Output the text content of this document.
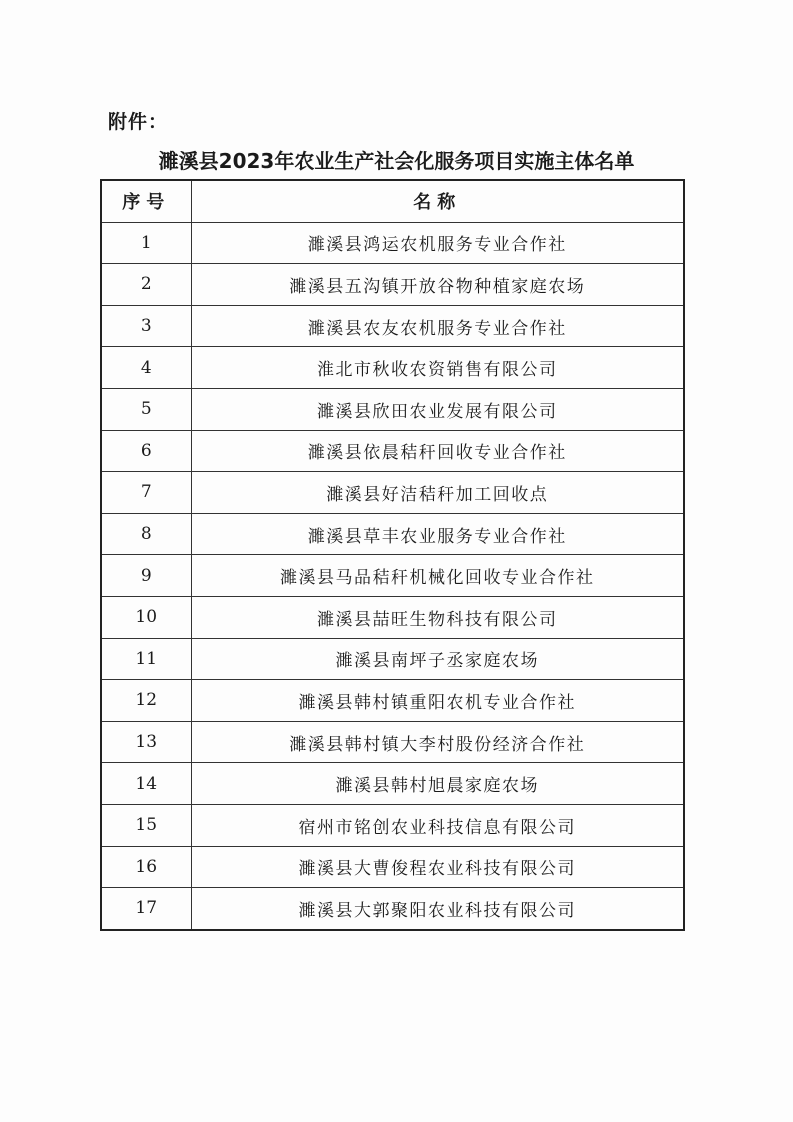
附件：
濉溪县2023年农业生产社会化服务项目实施主体名单
序号	名称
1	濉溪县鸿运农机服务专业合作社
2	濉溪县五沟镇开放谷物种植家庭农场
3	濉溪县农友农机服务专业合作社
4	淮北市秋收农资销售有限公司
5	濉溪县欣田农业发展有限公司
6	濉溪县依晨秸秆回收专业合作社
7	濉溪县好洁秸秆加工回收点
8	濉溪县草丰农业服务专业合作社
9	濉溪县马品秸秆机械化回收专业合作社
10	濉溪县喆旺生物科技有限公司
11	濉溪县南坪子丞家庭农场
12	濉溪县韩村镇重阳农机专业合作社
13	濉溪县韩村镇大李村股份经济合作社
14	濉溪县韩村旭晨家庭农场
15	宿州市铭创农业科技信息有限公司
16	濉溪县大曹俊程农业科技有限公司
17	濉溪县大郭聚阳农业科技有限公司
